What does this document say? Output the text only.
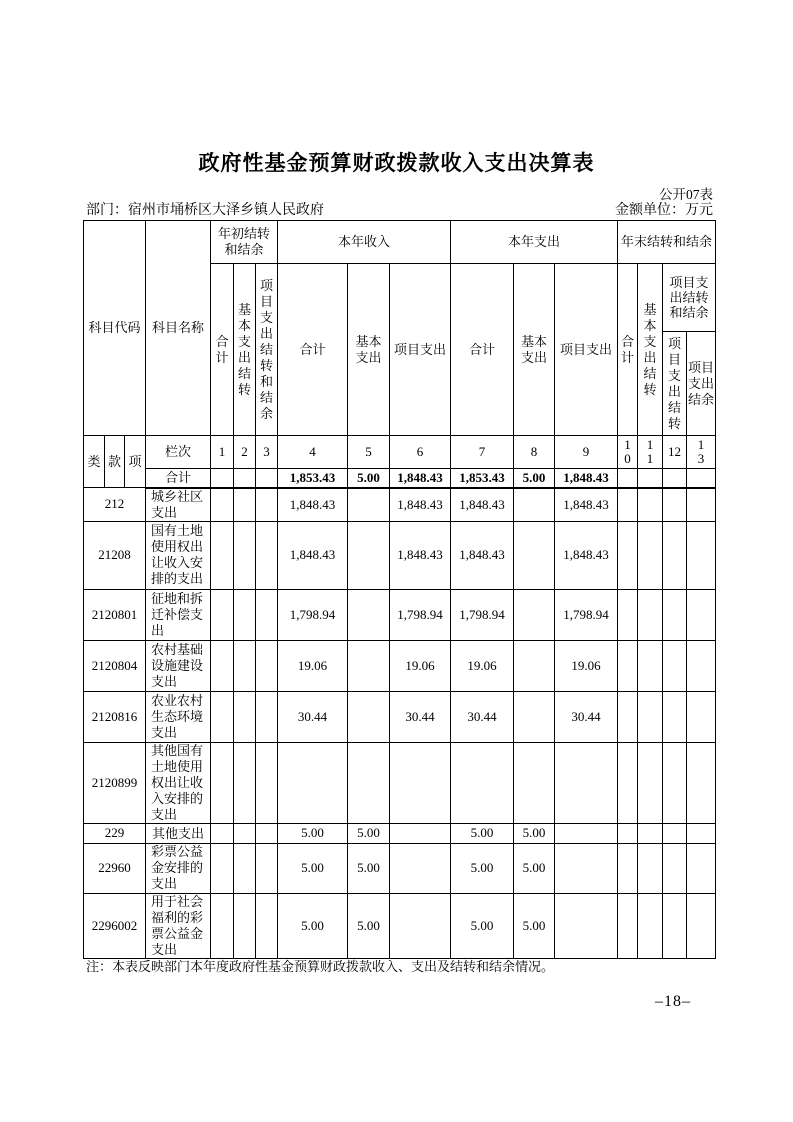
政府性基金预算财政拨款收入支出决算表
公开07表
部门：宿州市埇桥区大泽乡镇人民政府	金额单位：万元
科目代码			科目名称	年初结转和结余			本年收入			本年支出			年末结转和结余			
				合计	基本支出结转	项目支出结转和结余	合计	基本支出	项目支出	合计	基本支出	项目支出	合计	基本支出结转	项目支出结转和结余	
															项目支出结转	项目支出结余
类	款	项	栏次	1	2	3	4	5	6	7	8	9	10	11	12	13
			合计				1,853.43	5.00	1,848.43	1,853.43	5.00	1,848.43				
212			城乡社区支出				1,848.43		1,848.43	1,848.43		1,848.43				
21208			国有土地使用权出让收入安排的支出				1,848.43		1,848.43	1,848.43		1,848.43				
2120801			征地和拆迁补偿支出				1,798.94		1,798.94	1,798.94		1,798.94				
2120804			农村基础设施建设支出				19.06		19.06	19.06		19.06				
2120816			农业农村生态环境支出				30.44		30.44	30.44		30.44				
2120899			其他国有土地使用权出让收入安排的支出													
229			其他支出				5.00	5.00		5.00	5.00					
22960			彩票公益金安排的支出				5.00	5.00		5.00	5.00					
2296002			用于社会福利的彩票公益金支出				5.00	5.00		5.00	5.00					
注：本表反映部门本年度政府性基金预算财政拨款收入、支出及结转和结余情况。
–18–
